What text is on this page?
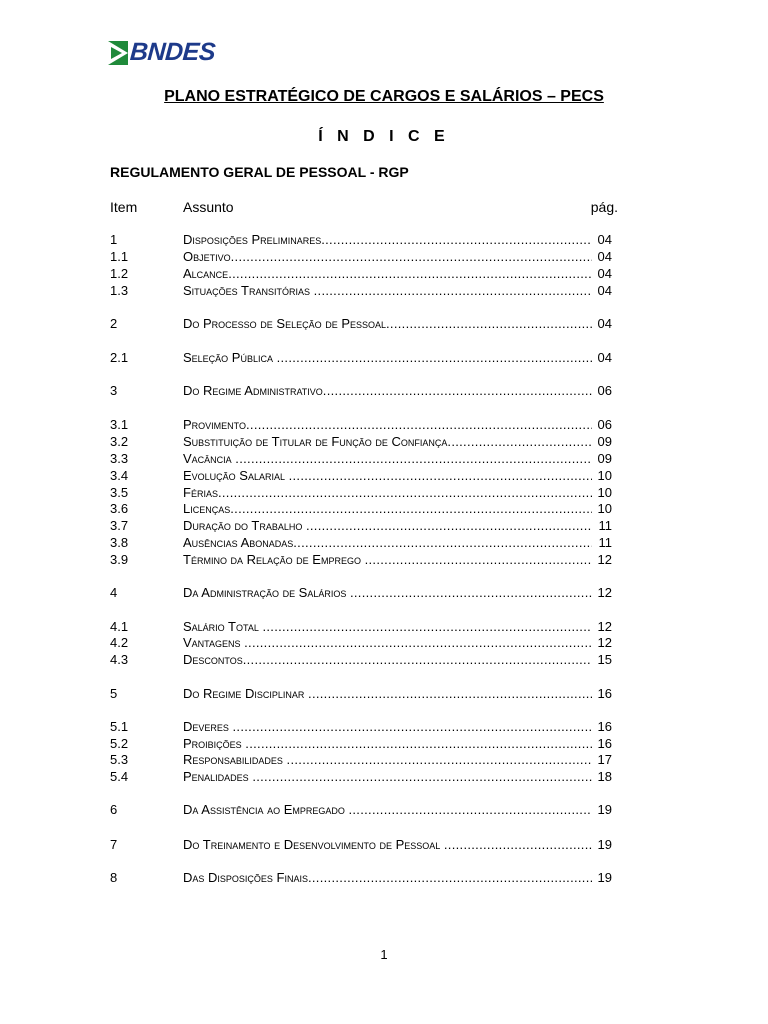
BNDES
PLANO ESTRATÉGICO DE CARGOS E SALÁRIOS – PECS
Í N D I C E
REGULAMENTO GERAL DE PESSOAL - RGP
Item	Assunto	pág.
1	Disposições Preliminares .....	04
1.1	Objetivo .....	04
1.2	Alcance .....	04
1.3	Situações Transitórias .....	04
2	Do Processo de Seleção de Pessoal .....	04
2.1	Seleção Pública .....	04
3	Do Regime Administrativo .....	06
3.1	Provimento .....	06
3.2	Substituição de Titular de Função de Confiança .....	09
3.3	Vacância .....	09
3.4	Evolução Salarial .....	10
3.5	Férias .....	10
3.6	Licenças .....	10
3.7	Duração do Trabalho .....	11
3.8	Ausências Abonadas .....	11
3.9	Término da Relação de Emprego .....	12
4	Da Administração de Salários .....	12
4.1	Salário Total .....	12
4.2	Vantagens .....	12
4.3	Descontos .....	15
5	Do Regime Disciplinar .....	16
5.1	Deveres .....	16
5.2	Proibições .....	16
5.3	Responsabilidades .....	17
5.4	Penalidades .....	18
6	Da Assistência ao Empregado .....	19
7	Do Treinamento e Desenvolvimento de Pessoal .....	19
8	Das Disposições Finais .....	19
1
